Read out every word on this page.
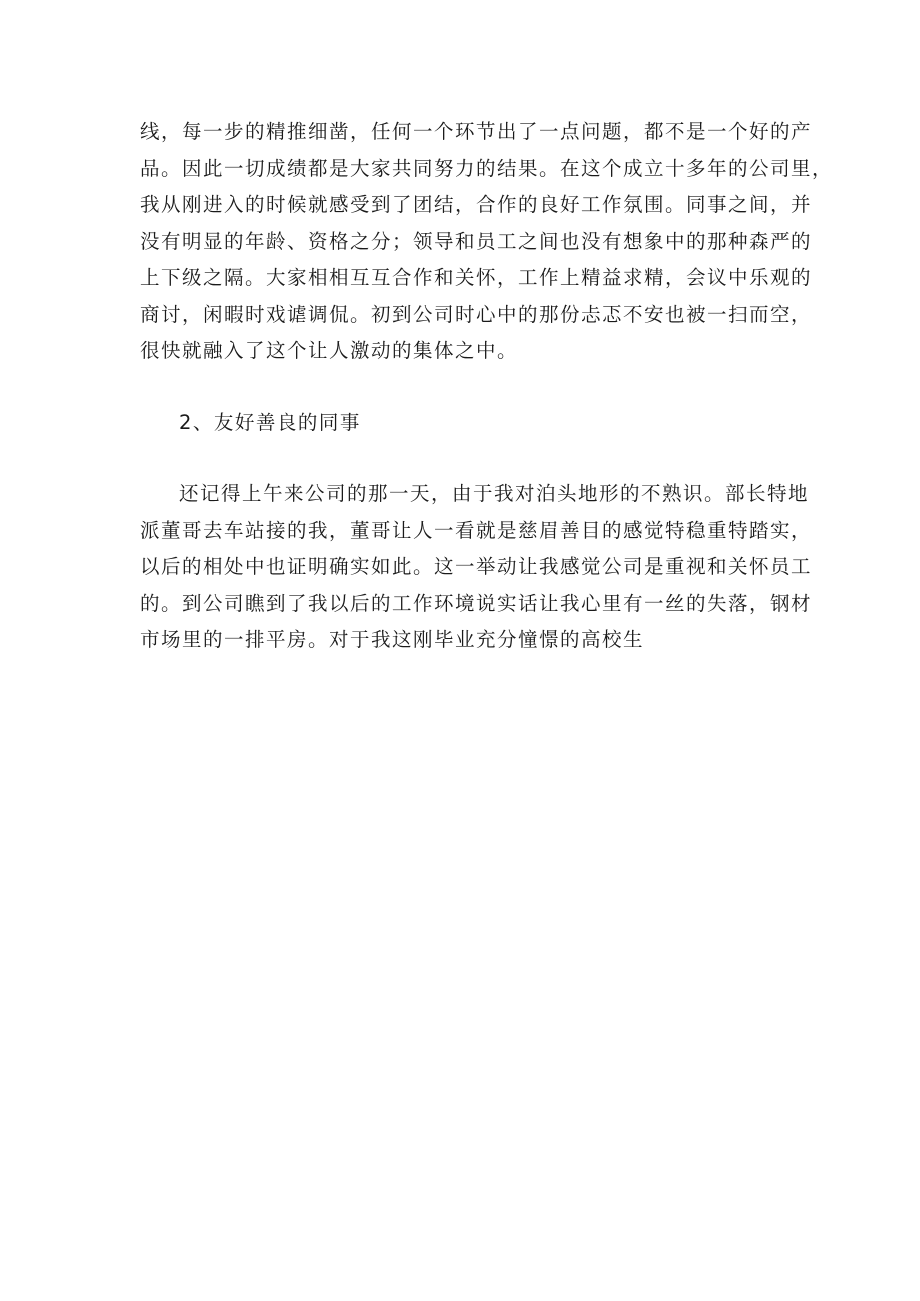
线，每一步的精推细凿，任何一个环节出了一点问题，都不是一个好的产
品。因此一切成绩都是大家共同努力的结果。在这个成立十多年的公司里，
我从刚进入的时候就感受到了团结，合作的良好工作氛围。同事之间，并
没有明显的年龄、资格之分；领导和员工之间也没有想象中的那种森严的
上下级之隔。大家相相互互合作和关怀，工作上精益求精，会议中乐观的
商讨，闲暇时戏谑调侃。初到公司时心中的那份忐忑不安也被一扫而空，
很快就融入了这个让人激动的集体之中。
2、友好善良的同事
还记得上午来公司的那一天，由于我对泊头地形的不熟识。部长特地
派董哥去车站接的我，董哥让人一看就是慈眉善目的感觉特稳重特踏实，
以后的相处中也证明确实如此。这一举动让我感觉公司是重视和关怀员工
的。到公司瞧到了我以后的工作环境说实话让我心里有一丝的失落，钢材
市场里的一排平房。对于我这刚毕业充分憧憬的高校生
